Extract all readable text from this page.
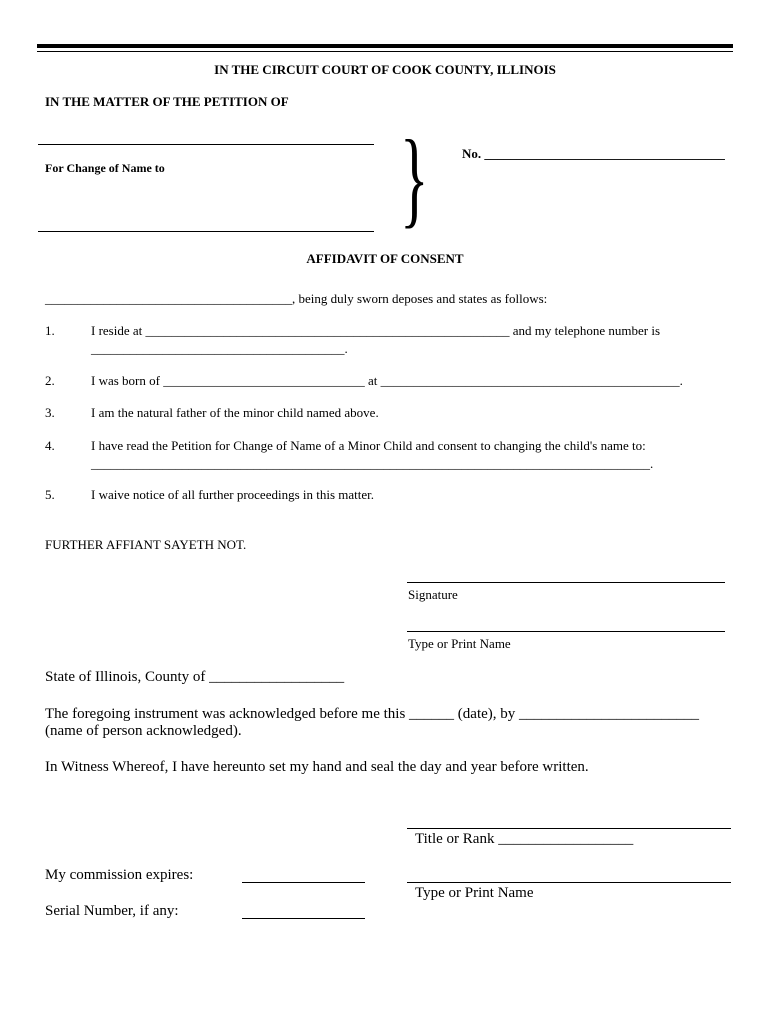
IN THE CIRCUIT COURT OF COOK COUNTY, ILLINOIS
IN THE MATTER OF THE PETITION OF
For Change of Name to }	No. _____________________________________
AFFIDAVIT OF CONSENT
______________________________________, being duly sworn deposes and states as follows:
1.	I reside at ________________________________________________________ and my telephone number is
_______________________________________.
2.	I was born of _______________________________ at ______________________________________________.
3.	I am the natural father of the minor child named above.
4.	I have read the Petition for Change of Name of a Minor Child and consent to changing the child's name to:
______________________________________________________________________________________.
5.	I waive notice of all further proceedings in this matter.
FURTHER AFFIANT SAYETH NOT.
Signature
Type or Print Name
State of Illinois, County of __________________
The foregoing instrument was acknowledged before me this ______ (date), by ________________________
(name of person acknowledged).
In Witness Whereof, I have hereunto set my hand and seal the day and year before written.
Title or Rank __________________
My commission expires:
Type or Print Name
Serial Number, if any:
